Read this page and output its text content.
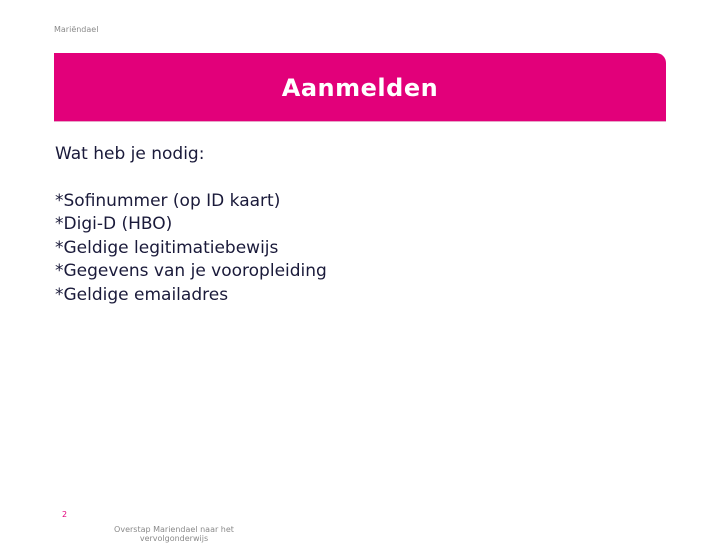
Mariëndael
Aanmelden

Wat heb je nodig:

*Sofinummer (op ID kaart)
*Digi-D (HBO)
*Geldige legitimatiebewijs
*Gegevens van je vooropleiding
*Geldige emailadres
2
Overstap Mariendael naar het vervolgonderwijs
